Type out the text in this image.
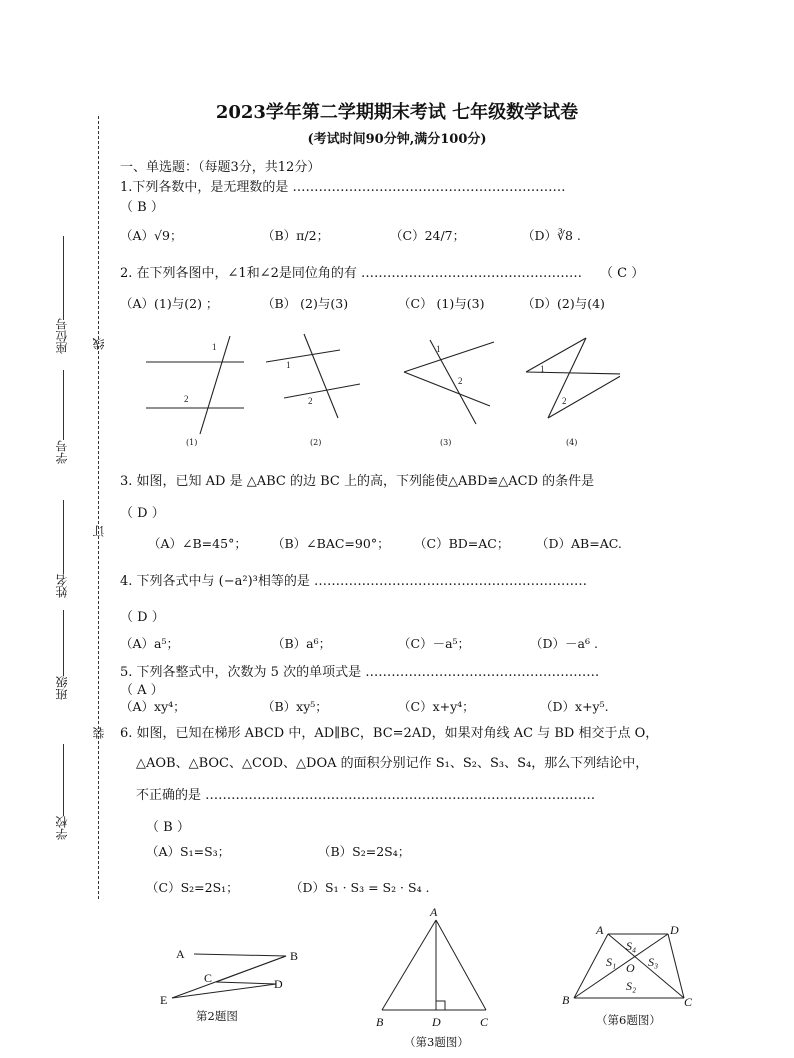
2023学年第二学期期末考试 七年级数学试卷
(考试时间90分钟,满分100分)
线
订
装
座位号
学号
姓名
班级
学校
一、单选题：（每题3分，共12分）
1.下列各数中，是无理数的是 ………………………………………………………
（ B ）
（A）√9；	（B）π/2；	（C）24/7；	（D）∛8 .
2. 在下列各图中，∠1和∠2是同位角的有 …………………………………………… （ C ）
（A）(1)与(2) ；	（B） (2)与(3)	（C） (1)与(3)	（D）(2)与(4)
1
2
1
2
1
2
1
2
(1)	(2)	(3)	(4)
3. 如图，已知 AD 是 △ABC 的边 BC 上的高，下列能使△ABD≌△ACD 的条件是
（ D ）
（A）∠B=45°； （B）∠BAC=90°； （C）BD=AC； （D）AB=AC.
4. 下列各式中与 (−a²)³相等的是 ………………………………………………………
（ D ）
（A）a⁵；	（B）a⁶；	（C）－a⁵；	（D）－a⁶ .
5. 下列各整式中，次数为 5 次的单项式是 ………………………………………………
（ A ）
（A）xy⁴；	（B）xy⁵；	（C）x+y⁴；	（D）x+y⁵.
6. 如图，已知在梯形 ABCD 中，AD∥BC，BC=2AD，如果对角线 AC 与 BD 相交于点 O，
△AOB、△BOC、△COD、△DOA 的面积分别记作 S₁、S₂、S₃、S₄，那么下列结论中，
不正确的是 ………………………………………………………………………………
（ B ）
（A）S₁=S₃；	（B）S₂=2S₄；
（C）S₂=2S₁；	（D）S₁ · S₃ = S₂ · S₄ .
A	B
C	D
E
第2题图
A
B	D	C
（第3题图）
A	D
B	C
O
S₁
S₂
S₃
S₄
（第6题图）
